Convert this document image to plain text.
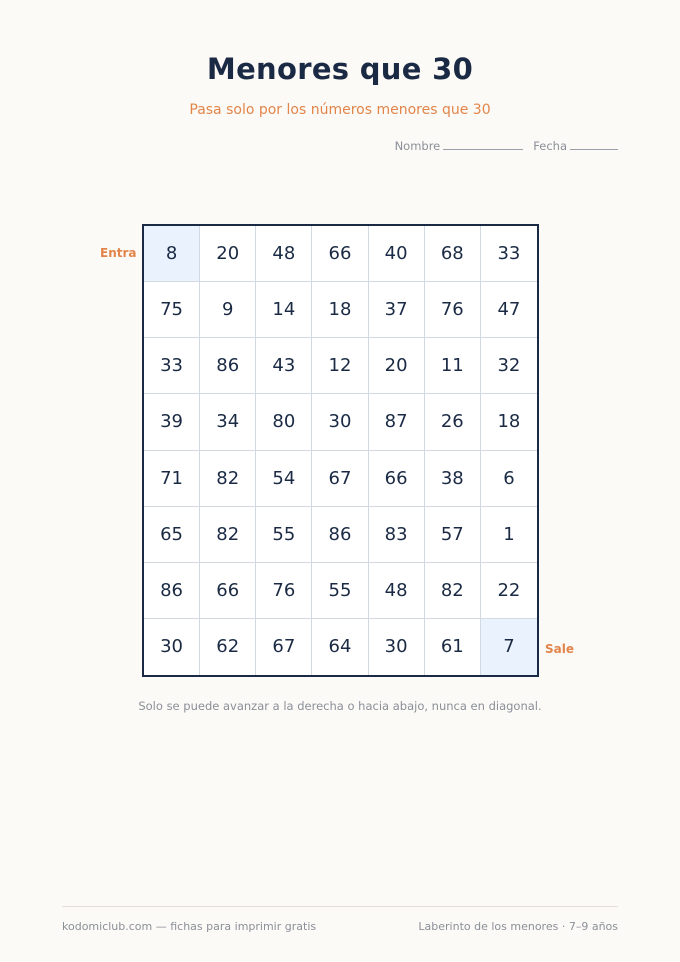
Menores que 30
Pasa solo por los números menores que 30
Nombre	Fecha
Entra
Sale
8	20	48	66	40	68	33
75	9	14	18	37	76	47
33	86	43	12	20	11	32
39	34	80	30	87	26	18
71	82	54	67	66	38	6
65	82	55	86	83	57	1
86	66	76	55	48	82	22
30	62	67	64	30	61	7
Solo se puede avanzar a la derecha o hacia abajo, nunca en diagonal.
kodomiclub.com — fichas para imprimir gratis	Laberinto de los menores · 7–9 años
